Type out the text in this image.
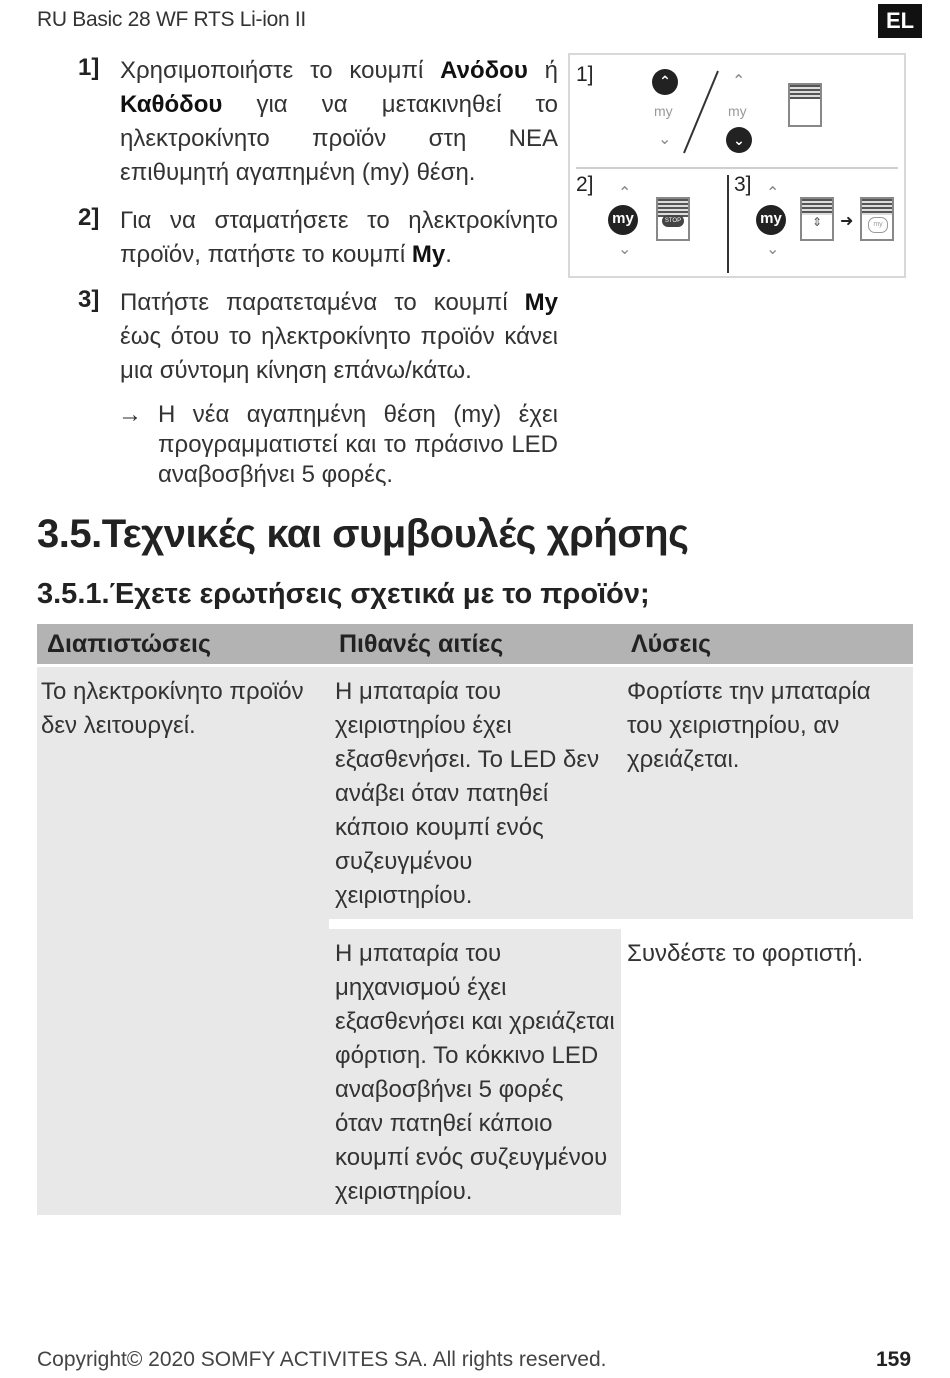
RU Basic 28 WF RTS Li-ion II	EL
1] Χρησιμοποιήστε το κουμπί Ανόδου ή Καθόδου για να μετακινηθεί το ηλεκτροκίνητο προϊόν στη ΝΕΑ επιθυμητή αγαπημένη (my) θέση.
2] Για να σταματήσετε το ηλεκτροκίνητο προϊόν, πατήστε το κουμπί My.
3] Πατήστε παρατεταμένα το κουμπί My έως ότου το ηλεκτροκίνητο προϊόν κάνει μια σύντομη κίνηση επάνω/κάτω.
→ Η νέα αγαπημένη θέση (my) έχει προγραμματιστεί και το πράσινο LED αναβοσβήνει 5 φορές.
1]	⌃
my
⌄
⌃
my
⌄
2] ⌃
my
⌄
STOP
3] ⌃
my
⌄
⇕	➜	my
3.5.Τεχνικές και συμβουλές χρήσης
3.5.1.Έχετε ερωτήσεις σχετικά με το προϊόν;
Διαπιστώσεις	Πιθανές αιτίες	Λύσεις
Το ηλεκτροκίνητο προϊόν δεν λειτουργεί.	Η μπαταρία του χειριστηρίου έχει εξασθενήσει. Το LED δεν ανάβει όταν πατηθεί κάποιο κουμπί ενός συζευγμένου χειριστηρίου.	Φορτίστε την μπαταρία του χειριστηρίου, αν χρειάζεται.
	Η μπαταρία του μηχανισμού έχει εξασθενήσει και χρειάζεται φόρτιση. Το κόκκινο LED αναβοσβήνει 5 φορές όταν πατηθεί κάποιο κουμπί ενός συζευγμένου χειριστηρίου.	Συνδέστε το φορτιστή.
Copyright© 2020 SOMFY ACTIVITES SA. All rights reserved.	159
